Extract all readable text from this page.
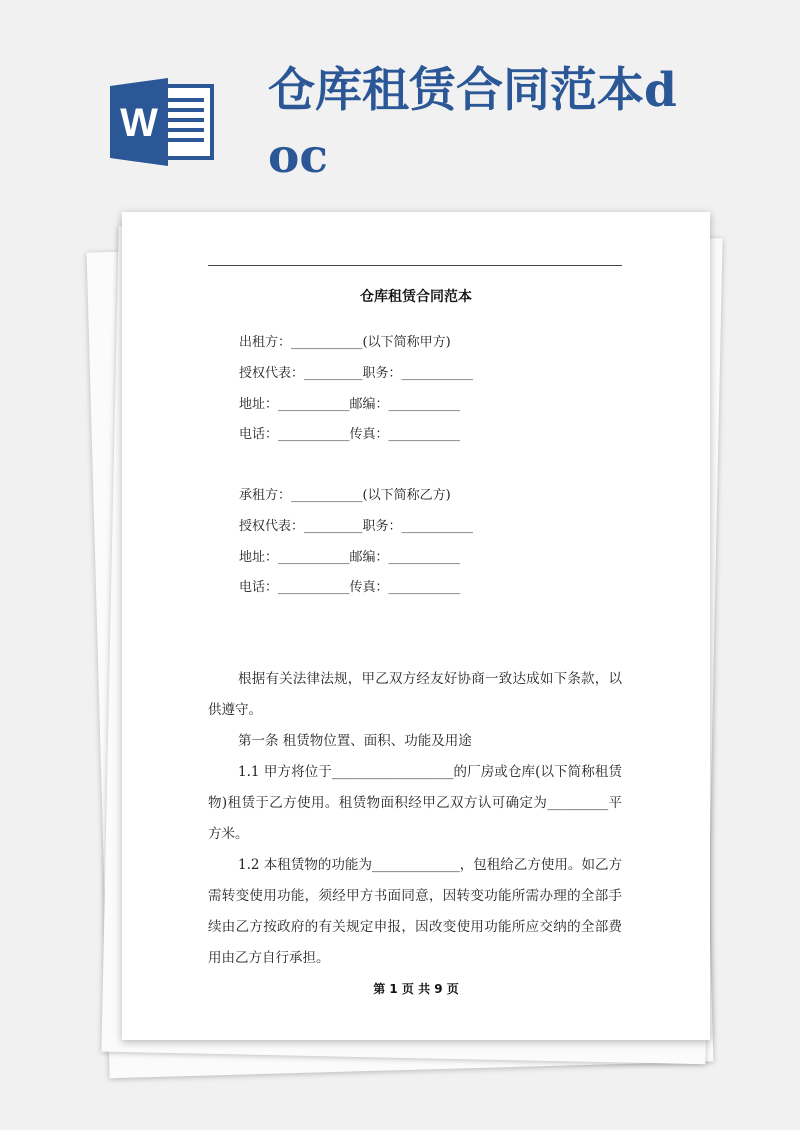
W
仓库租赁合同范本doc
仓库租赁合同范本
出租方：___________(以下简称甲方)
授权代表：_________职务：___________
地址：___________邮编：___________
电话：___________传真：___________
承租方：___________(以下简称乙方)
授权代表：_________职务：___________
地址：___________邮编：___________
电话：___________传真：___________

根据有关法律法规，甲乙双方经友好协商一致达成如下条款，以供遵守。

第一条 租赁物位置、面积、功能及用途

1.1 甲方将位于__________________的厂房或仓库(以下简称租赁物)租赁于乙方使用。租赁物面积经甲乙双方认可确定为_________平方米。

1.2 本租赁物的功能为_____________，包租给乙方使用。如乙方需转变使用功能，须经甲方书面同意，因转变功能所需办理的全部手续由乙方按政府的有关规定申报，因改变使用功能所应交纳的全部费用由乙方自行承担。

第 1 页 共 9 页
